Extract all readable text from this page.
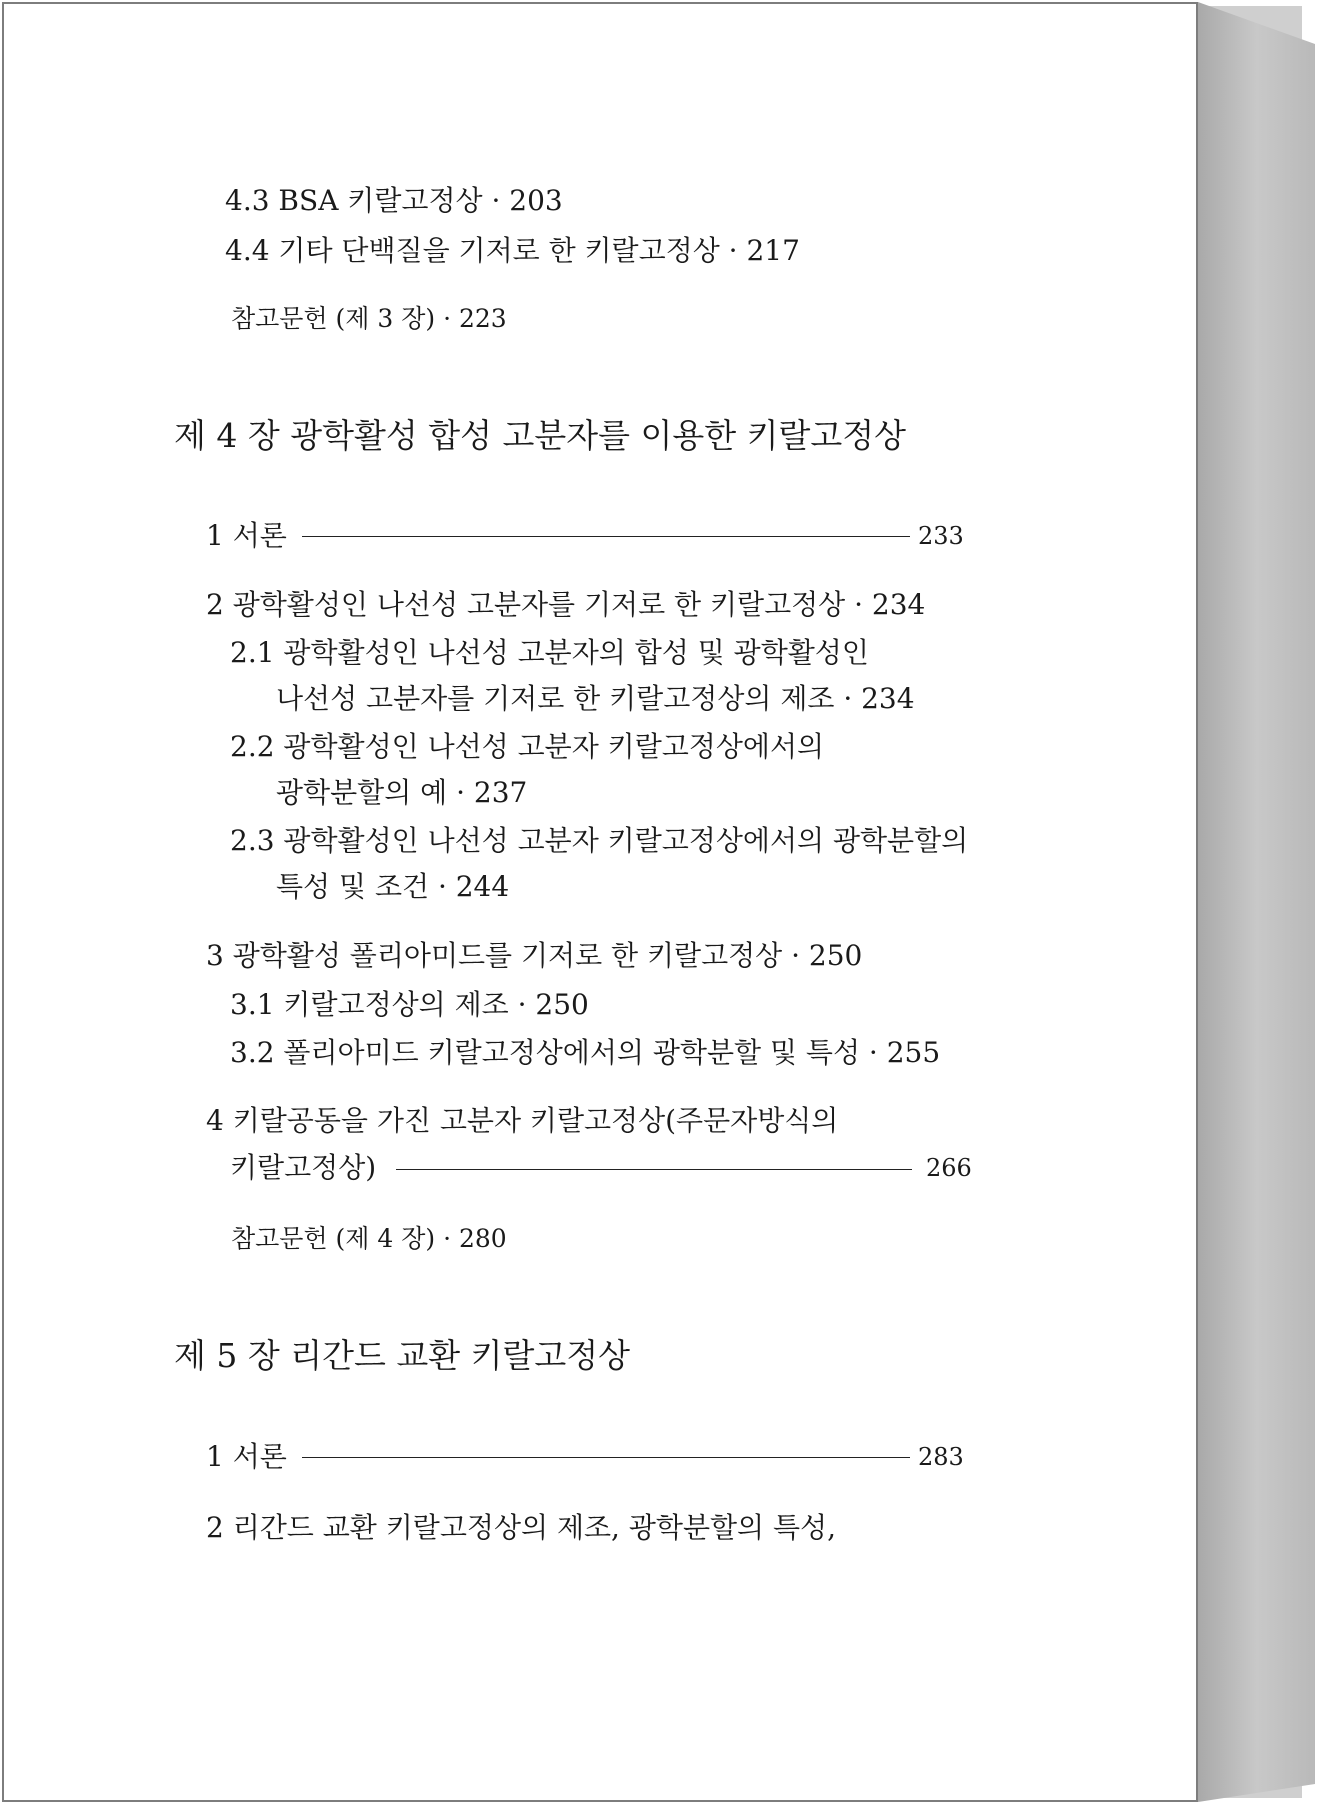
4.3 BSA 키랄고정상 · 203
4.4 기타 단백질을 기저로 한 키랄고정상 · 217
참고문헌 (제 3 장) · 223
제 4 장 광학활성 합성 고분자를 이용한 키랄고정상
1 서론	233
2 광학활성인 나선성 고분자를 기저로 한 키랄고정상 · 234
2.1 광학활성인 나선성 고분자의 합성 및 광학활성인
나선성 고분자를 기저로 한 키랄고정상의 제조 · 234
2.2 광학활성인 나선성 고분자 키랄고정상에서의
광학분할의 예 · 237
2.3 광학활성인 나선성 고분자 키랄고정상에서의 광학분할의
특성 및 조건 · 244
3 광학활성 폴리아미드를 기저로 한 키랄고정상 · 250
3.1 키랄고정상의 제조 · 250
3.2 폴리아미드 키랄고정상에서의 광학분할 및 특성 · 255
4 키랄공동을 가진 고분자 키랄고정상(주문자방식의
키랄고정상)	266
참고문헌 (제 4 장) · 280
제 5 장 리간드 교환 키랄고정상
1 서론	283
2 리간드 교환 키랄고정상의 제조, 광학분할의 특성,
